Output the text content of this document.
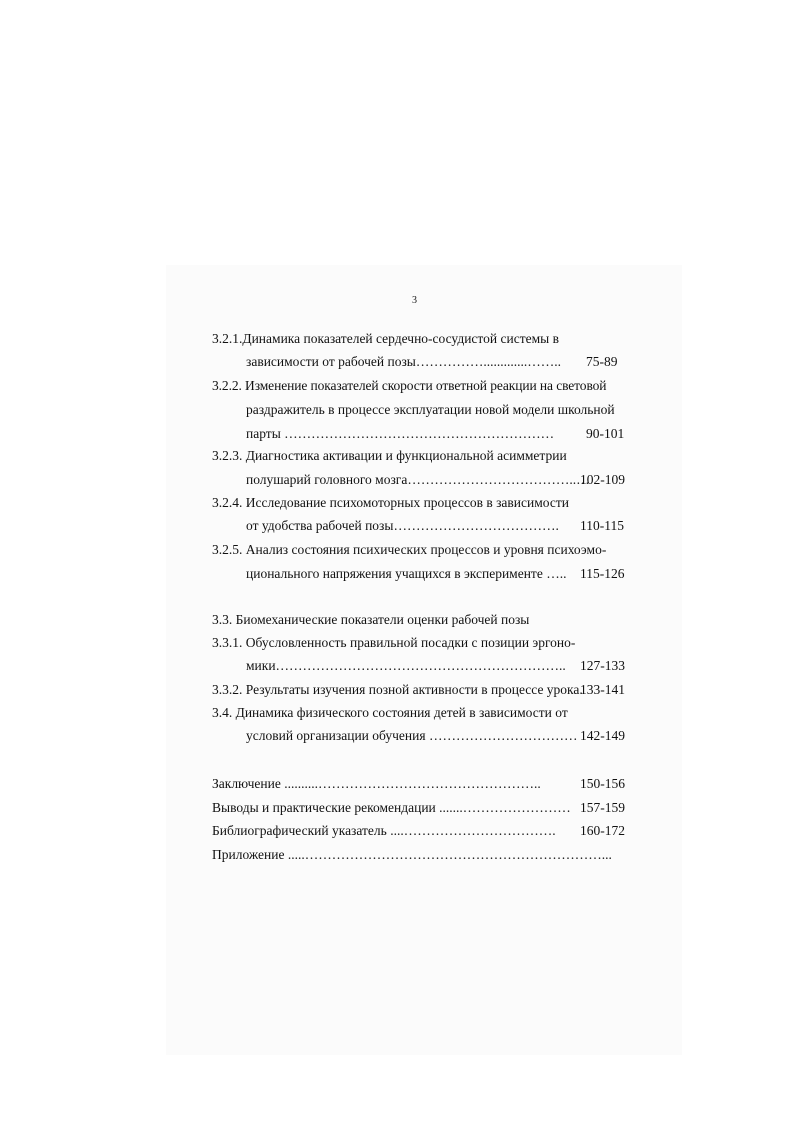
3
3.2.1.Динамика показателей сердечно-сосудистой системы в
зависимости от рабочей позы…………….............…….. 75-89
3.2.2. Изменение показателей скорости ответной реакции на световой
раздражитель в процессе эксплуатации новой модели школьной
парты …………………………………………………… 90-101
3.2.3. Диагностика активации и функциональной асимметрии
полушарий головного мозга………………………………..…
102-109
3.2.4. Исследование психомоторных процессов в зависимости
от удобства рабочей позы………………………………. 110-115
3.2.5. Анализ состояния психических процессов и уровня психоэмо-
ционального напряжения учащихся в эксперименте ….. 115-126
3.3. Биомеханические показатели оценки рабочей позы
3.3.1. Обусловленность правильной посадки с позиции эргоно-
мики……………………………………………………….. 127-133
3.3.2. Результаты изучения позной активности в процессе урока.
133-141
3.4. Динамика физического состояния детей в зависимости от
условий организации обучения …………………………… 142-149
Заключение ..........…………………………………………..	150-156
Выводы и практические рекомендации .......…………………… 157-159
Библиографический указатель ....……………………………. 160-172
Приложение .....…………………………………………………………...
